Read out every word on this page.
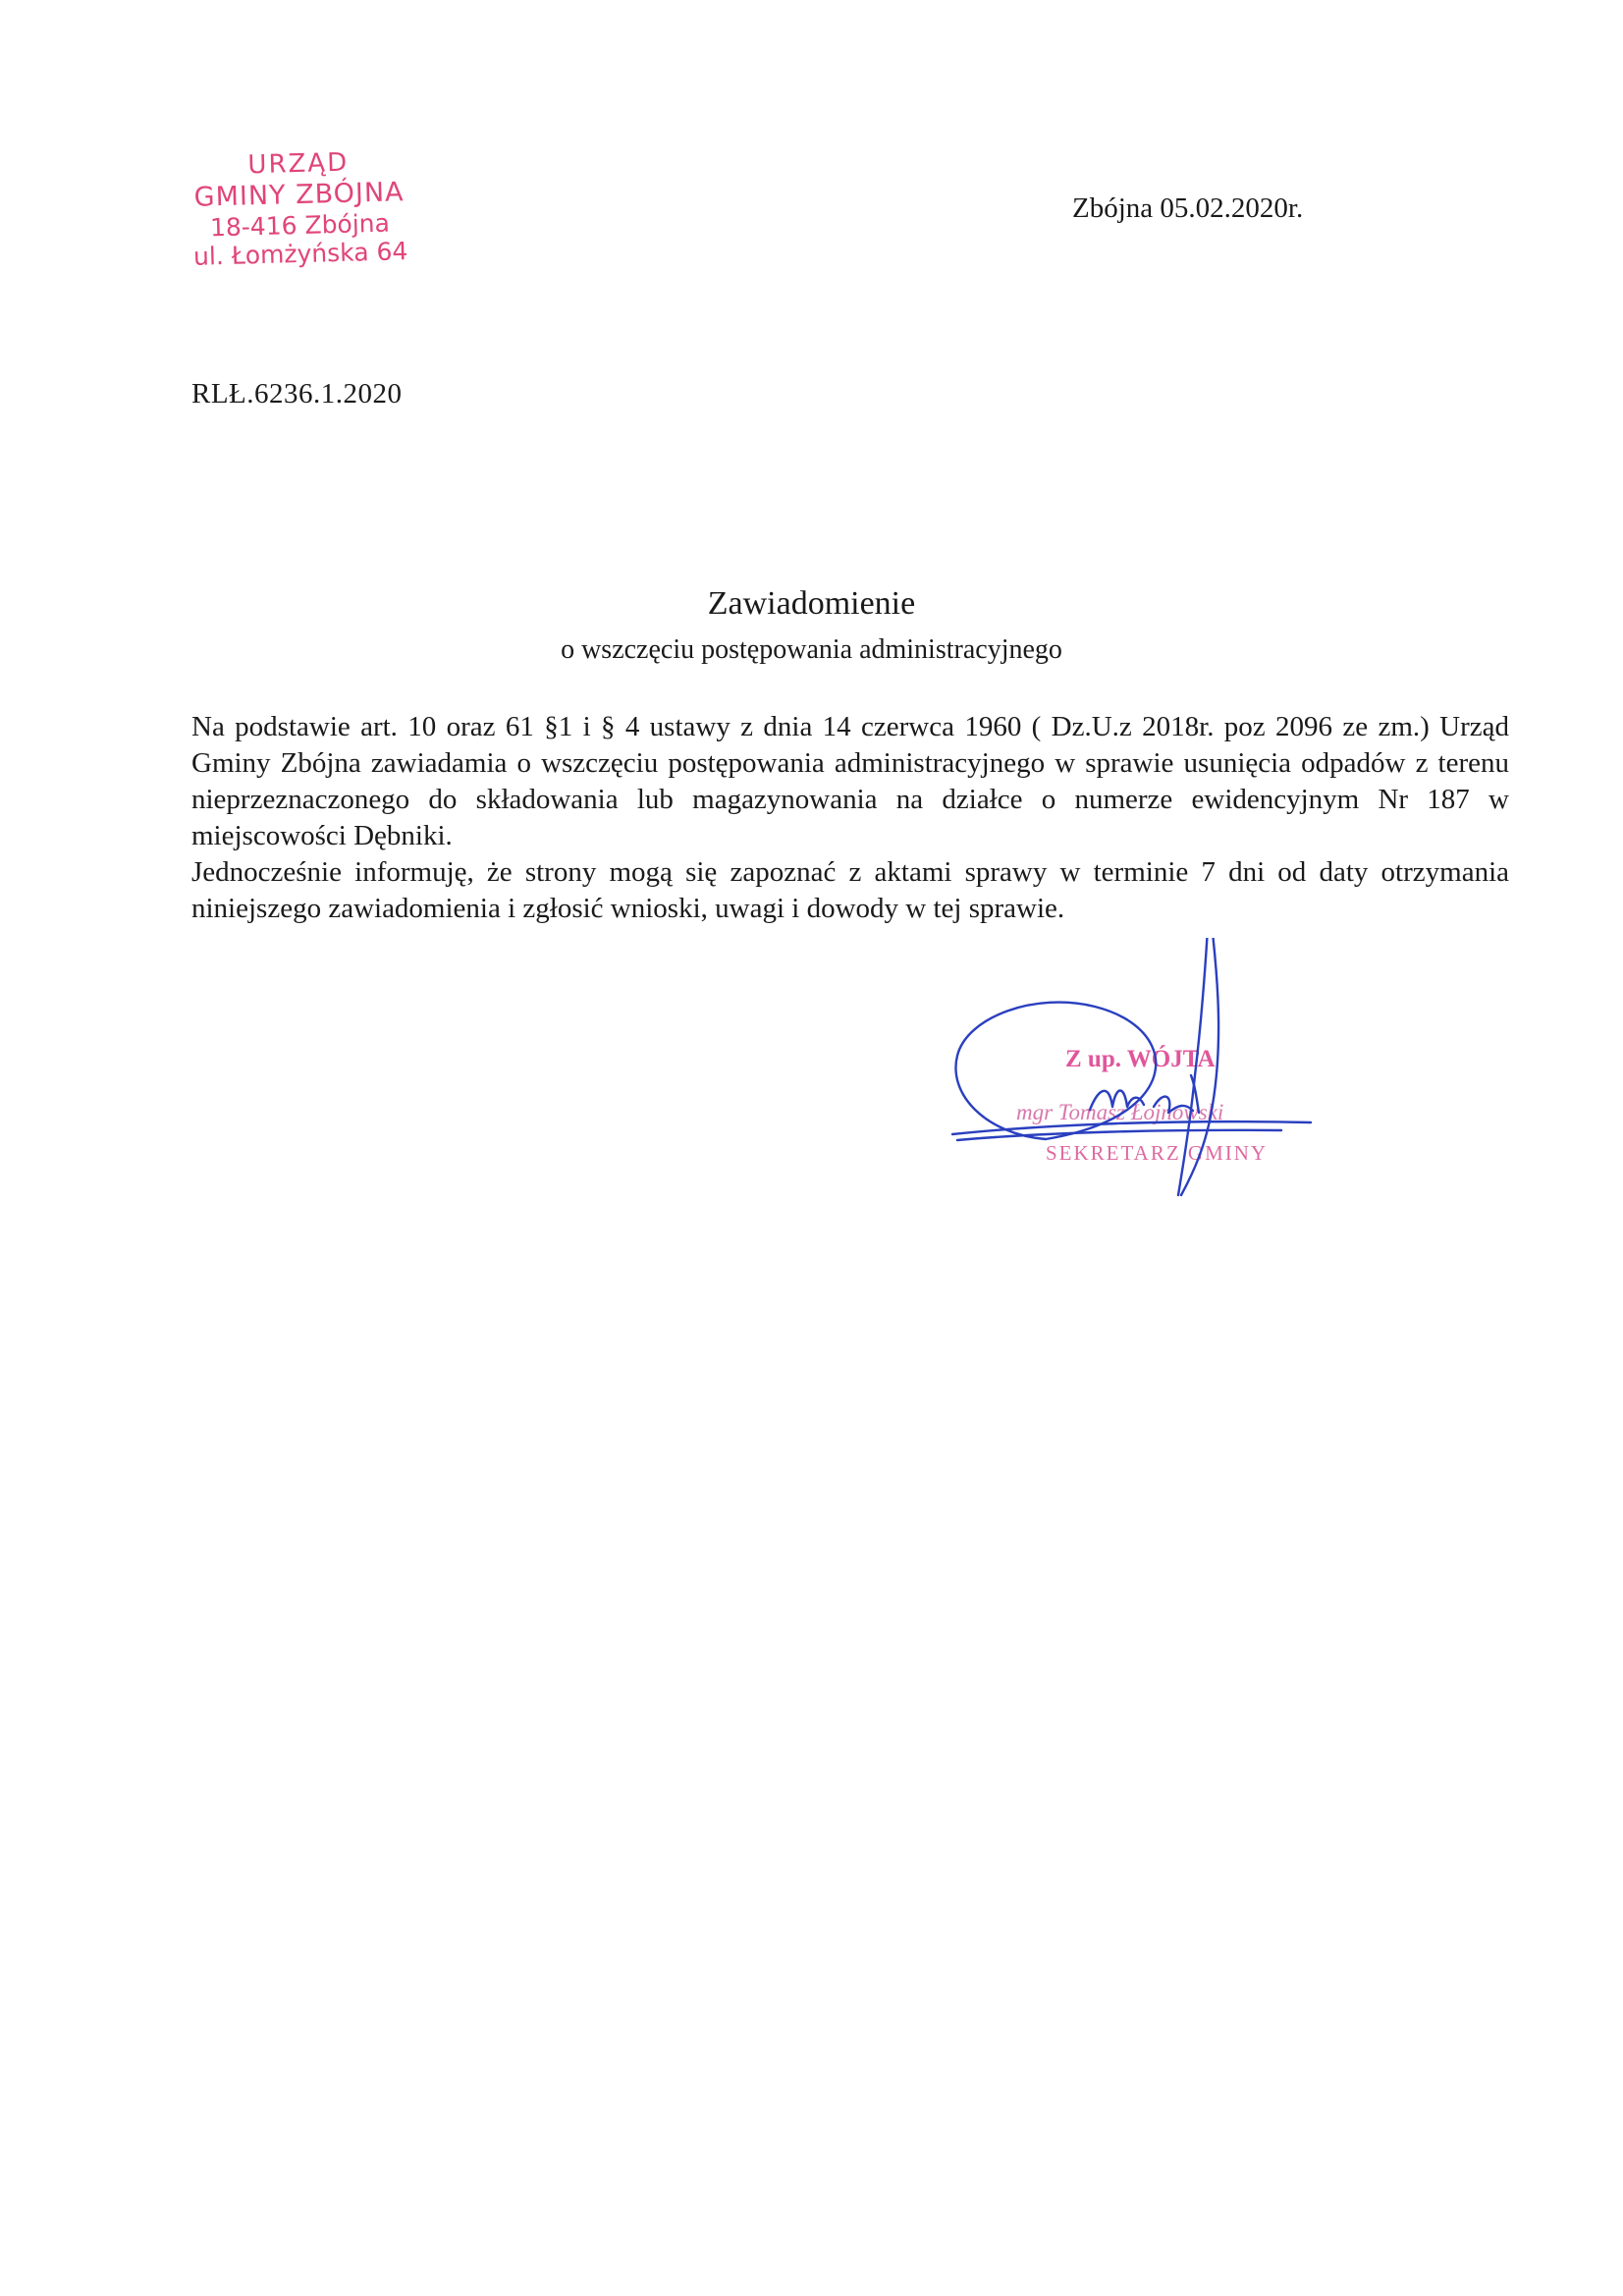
URZĄD
GMINY ZBÓJNA
18-416 Zbójna
ul. Łomżyńska 64
Zbójna 05.02.2020r.
RLŁ.6236.1.2020
Zawiadomienie
o wszczęciu postępowania administracyjnego

Na podstawie art. 10 oraz 61 §1 i § 4 ustawy z dnia 14 czerwca 1960 ( Dz.U.z 2018r. poz 2096 ze zm.) Urząd Gminy Zbójna zawiadamia o wszczęciu postępowania administracyjnego w sprawie usunięcia odpadów z terenu nieprzeznaczonego do składowania lub magazynowania na działce o numerze ewidencyjnym Nr 187 w miejscowości Dębniki.

Jednocześnie informuję, że strony mogą się zapoznać z aktami sprawy w terminie 7 dni od daty otrzymania niniejszego zawiadomienia i zgłosić wnioski, uwagi i dowody w tej sprawie.

Z up. WÓJTA
mgr Tomasz Łojnowski
SEKRETARZ GMINY
